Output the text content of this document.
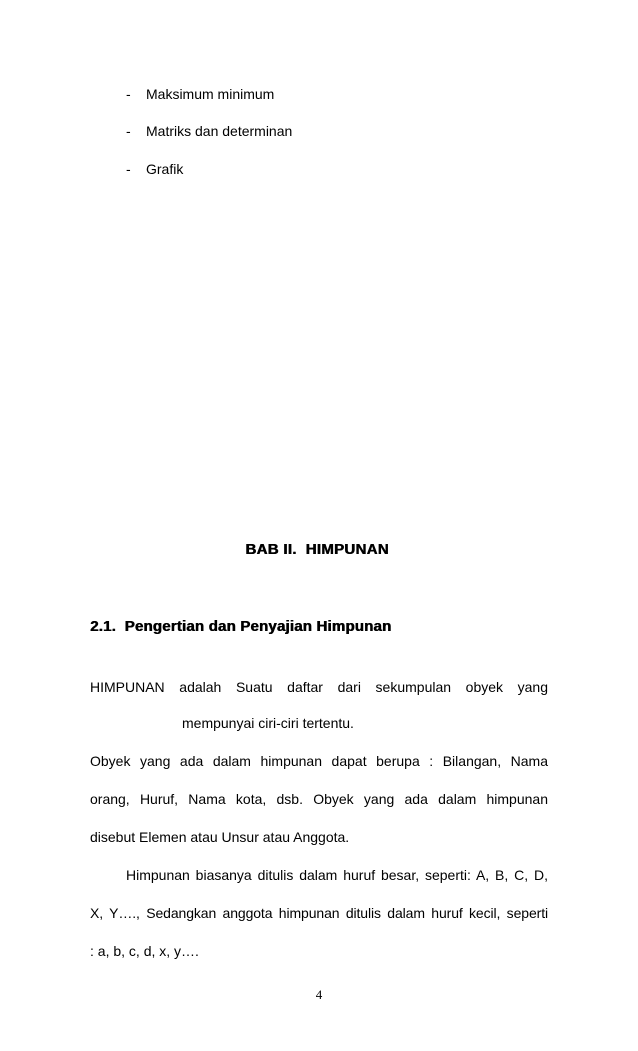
- Maksimum minimum
- Matriks dan determinan
- Grafik
BAB II.  HIMPUNAN
2.1.  Pengertian dan Penyajian Himpunan
HIMPUNAN adalah Suatu daftar dari sekumpulan obyek yang
mempunyai ciri-ciri tertentu.
Obyek yang ada dalam himpunan dapat berupa : Bilangan, Nama
orang, Huruf, Nama kota, dsb. Obyek yang ada dalam himpunan
disebut Elemen atau Unsur atau Anggota.
Himpunan biasanya ditulis dalam huruf besar, seperti: A, B, C, D,
X, Y…., Sedangkan anggota himpunan ditulis dalam huruf kecil, seperti
: a, b, c, d, x, y….
4
